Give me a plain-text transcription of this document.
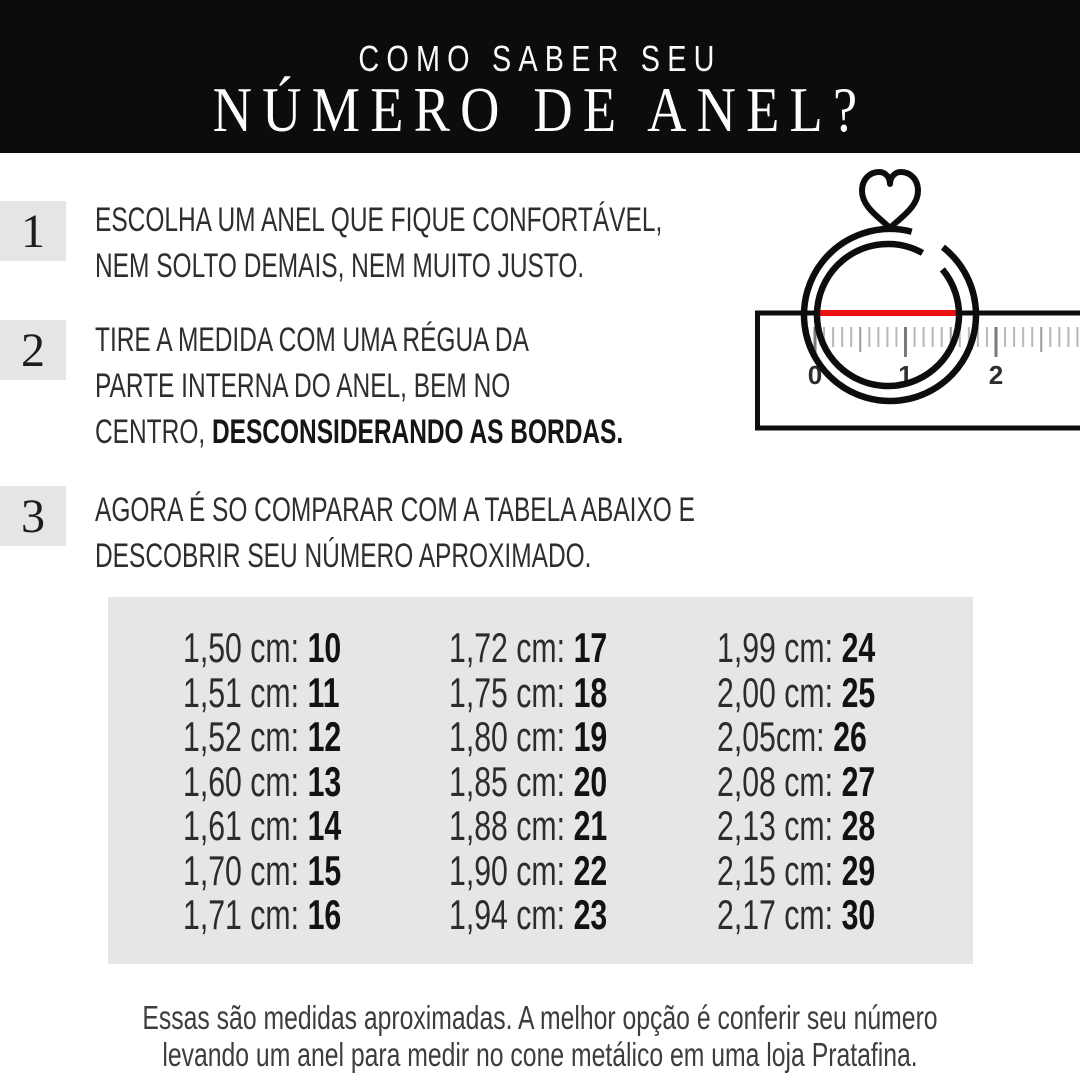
COMO SABER SEU
NÚMERO DE ANEL?
1
2
3
ESCOLHA UM ANEL QUE FIQUE CONFORTÁVEL,
NEM SOLTO DEMAIS, NEM MUITO JUSTO.
TIRE A MEDIDA COM UMA RÉGUA DA
PARTE INTERNA DO ANEL, BEM NO
CENTRO, DESCONSIDERANDO AS BORDAS.
AGORA É SO COMPARAR COM A TABELA ABAIXO E
DESCOBRIR SEU NÚMERO APROXIMADO.
0	1	2
1,50 cm: 10
1,51 cm: 11
1,52 cm: 12
1,60 cm: 13
1,61 cm: 14
1,70 cm: 15
1,71 cm: 16
1,72 cm: 17
1,75 cm: 18
1,80 cm: 19
1,85 cm: 20
1,88 cm: 21
1,90 cm: 22
1,94 cm: 23
1,99 cm: 24
2,00 cm: 25
2,05cm: 26
2,08 cm: 27
2,13 cm: 28
2,15 cm: 29
2,17 cm: 30
Essas são medidas aproximadas. A melhor opção é conferir seu número
levando um anel para medir no cone metálico em uma loja Pratafina.
